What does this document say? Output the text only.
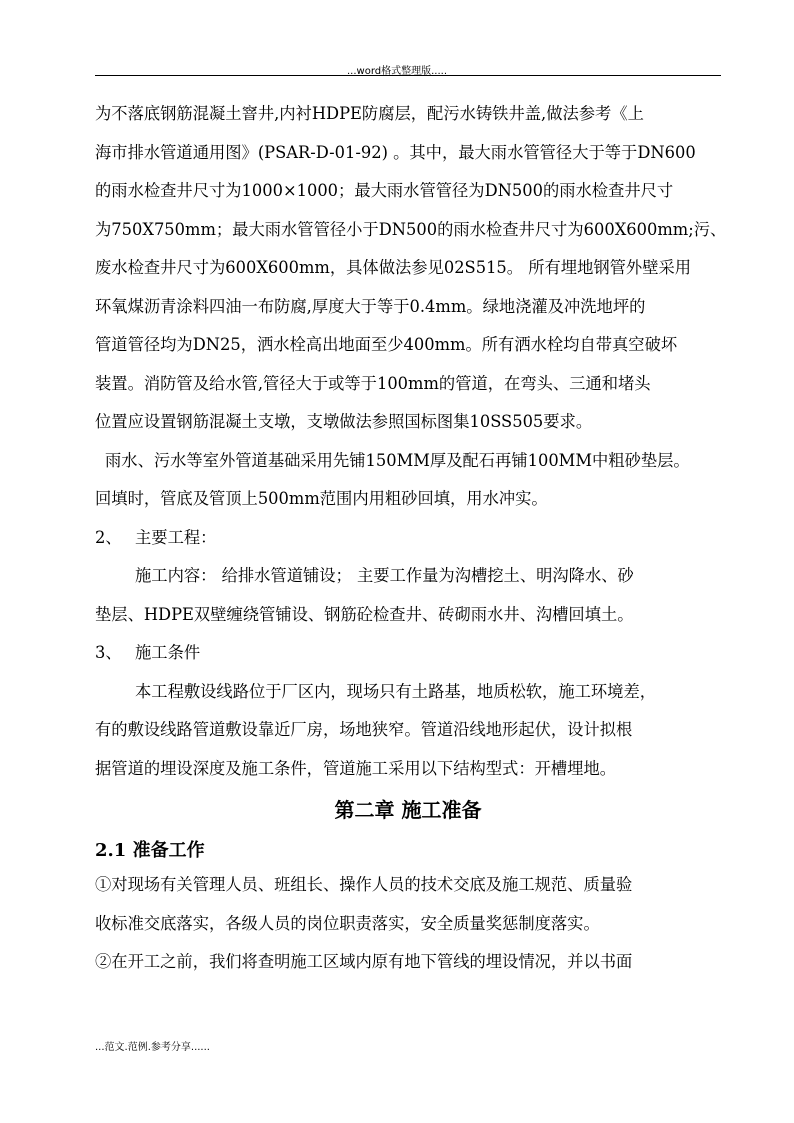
...word格式整理版.....
为不落底钢筋混凝土窨井,内衬HDPE防腐层，配污水铸铁井盖,做法参考《上
海市排水管道通用图》(PSAR-D-01-92) 。其中，最大雨水管管径大于等于DN600
的雨水检查井尺寸为1000×1000；最大雨水管管径为DN500的雨水检查井尺寸
为750X750mm；最大雨水管管径小于DN500的雨水检查井尺寸为600X600mm;污、
废水检查井尺寸为600X600mm，具体做法参见02S515。 所有埋地钢管外壁采用
环氧煤沥青涂料四油一布防腐,厚度大于等于0.4mm。绿地浇灌及冲洗地坪的
管道管径均为DN25，洒水栓高出地面至少400mm。所有洒水栓均自带真空破坏
装置。消防管及给水管,管径大于或等于100mm的管道，在弯头、三通和堵头
位置应设置钢筋混凝土支墩，支墩做法参照国标图集10SS505要求。
雨水、污水等室外管道基础采用先铺150MM厚及配石再铺100MM中粗砂垫层。
回填时，管底及管顶上500mm范围内用粗砂回填，用水冲实。
2、 主要工程：
施工内容： 给排水管道铺设； 主要工作量为沟槽挖土、明沟降水、砂
垫层、HDPE双壁缠绕管铺设、钢筋砼检查井、砖砌雨水井、沟槽回填土。
3、 施工条件
本工程敷设线路位于厂区内，现场只有土路基，地质松软，施工环境差，
有的敷设线路管道敷设靠近厂房，场地狭窄。管道沿线地形起伏，设计拟根
据管道的埋设深度及施工条件，管道施工采用以下结构型式：开槽埋地。
第二章 施工准备
2.1 准备工作
①对现场有关管理人员、班组长、操作人员的技术交底及施工规范、质量验
收标准交底落实，各级人员的岗位职责落实，安全质量奖惩制度落实。
②在开工之前，我们将查明施工区域内原有地下管线的埋设情况，并以书面
...范文.范例.参考分享......
